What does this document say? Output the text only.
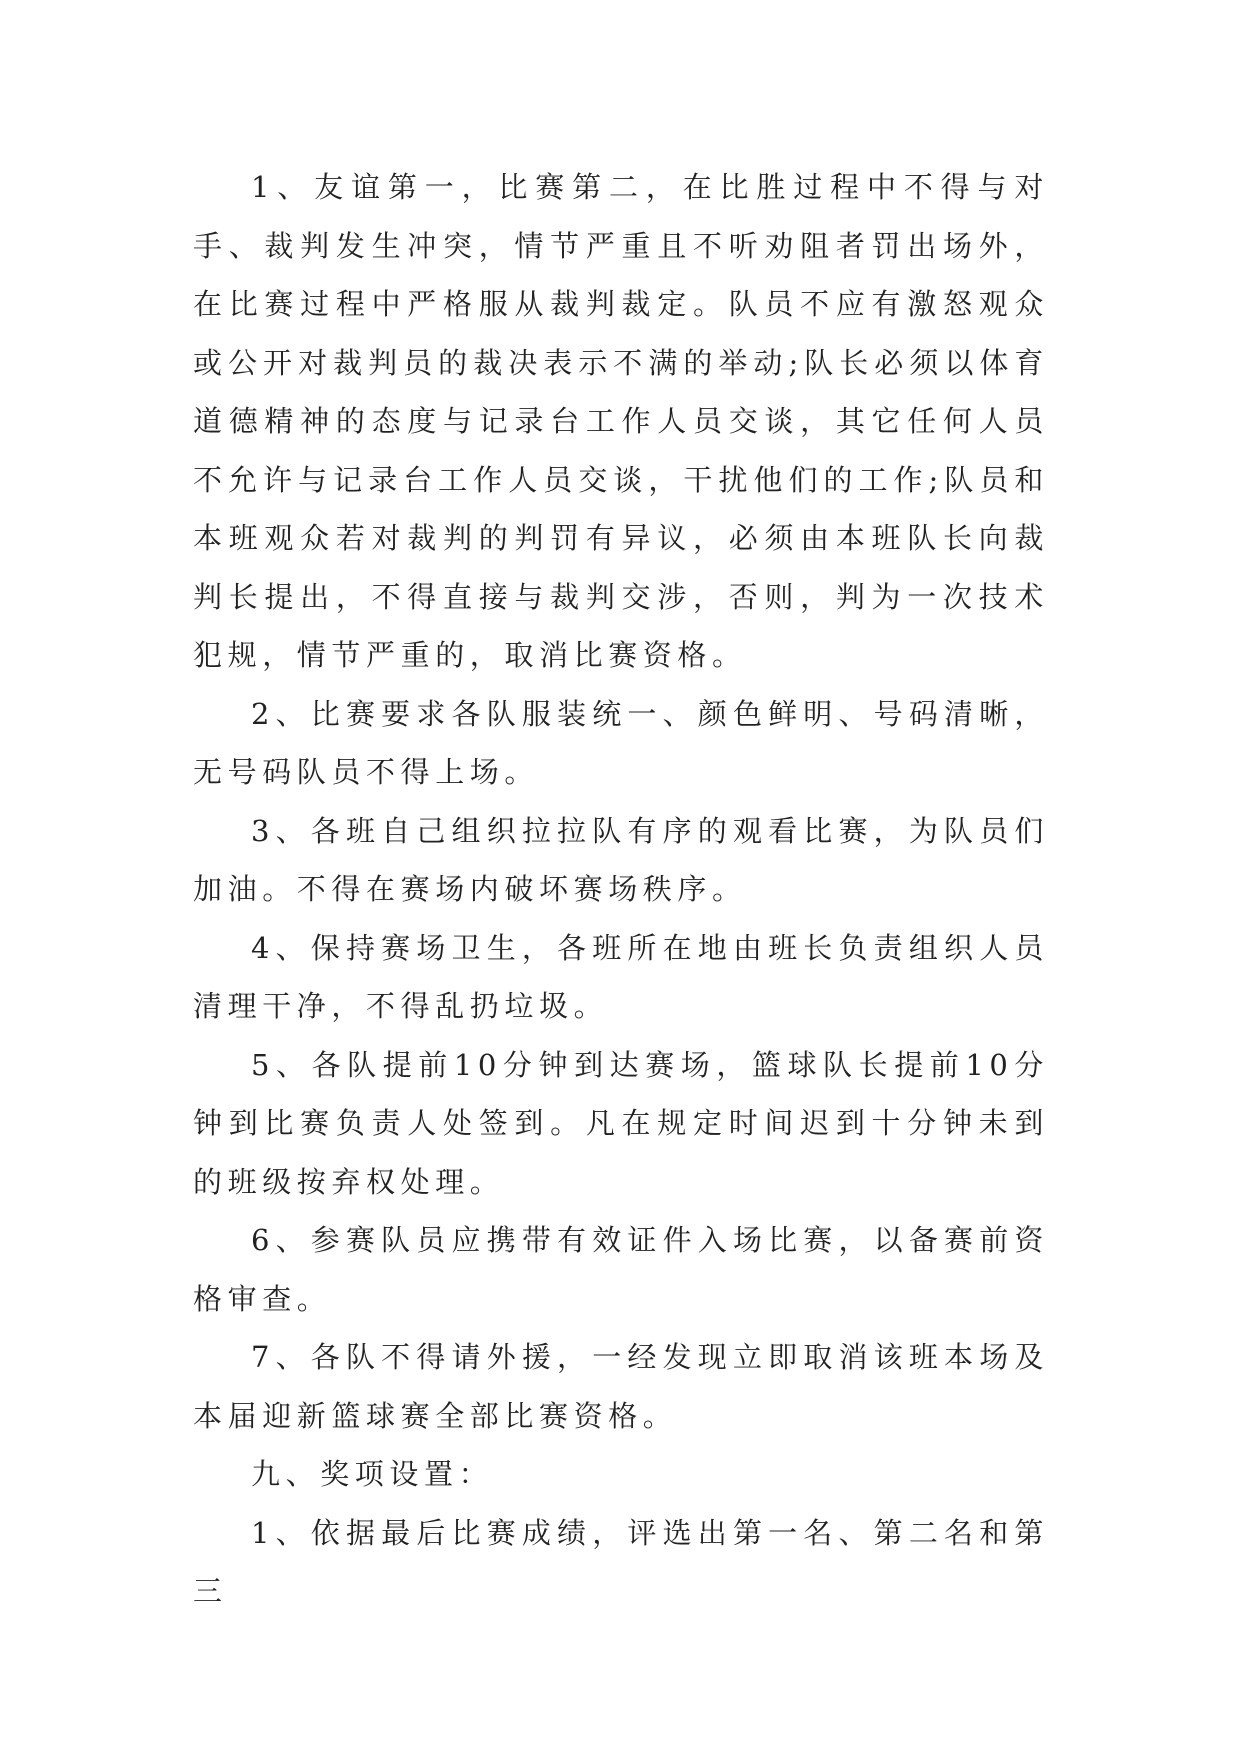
1、友谊第一，比赛第二，在比胜过程中不得与对手、裁判发生冲突，情节严重且不听劝阻者罚出场外，在比赛过程中严格服从裁判裁定。队员不应有激怒观众或公开对裁判员的裁决表示不满的举动;队长必须以体育道德精神的态度与记录台工作人员交谈，其它任何人员不允许与记录台工作人员交谈，干扰他们的工作;队员和本班观众若对裁判的判罚有异议，必须由本班队长向裁判长提出，不得直接与裁判交涉，否则，判为一次技术犯规，情节严重的，取消比赛资格。

2、比赛要求各队服装统一、颜色鲜明、号码清晰，无号码队员不得上场。

3、各班自己组织拉拉队有序的观看比赛，为队员们加油。不得在赛场内破坏赛场秩序。

4、保持赛场卫生，各班所在地由班长负责组织人员清理干净，不得乱扔垃圾。

5、各队提前10分钟到达赛场，篮球队长提前10分钟到比赛负责人处签到。凡在规定时间迟到十分钟未到的班级按弃权处理。

6、参赛队员应携带有效证件入场比赛，以备赛前资格审查。

7、各队不得请外援，一经发现立即取消该班本场及本届迎新篮球赛全部比赛资格。

九、奖项设置：

1、依据最后比赛成绩，评选出第一名、第二名和第三
